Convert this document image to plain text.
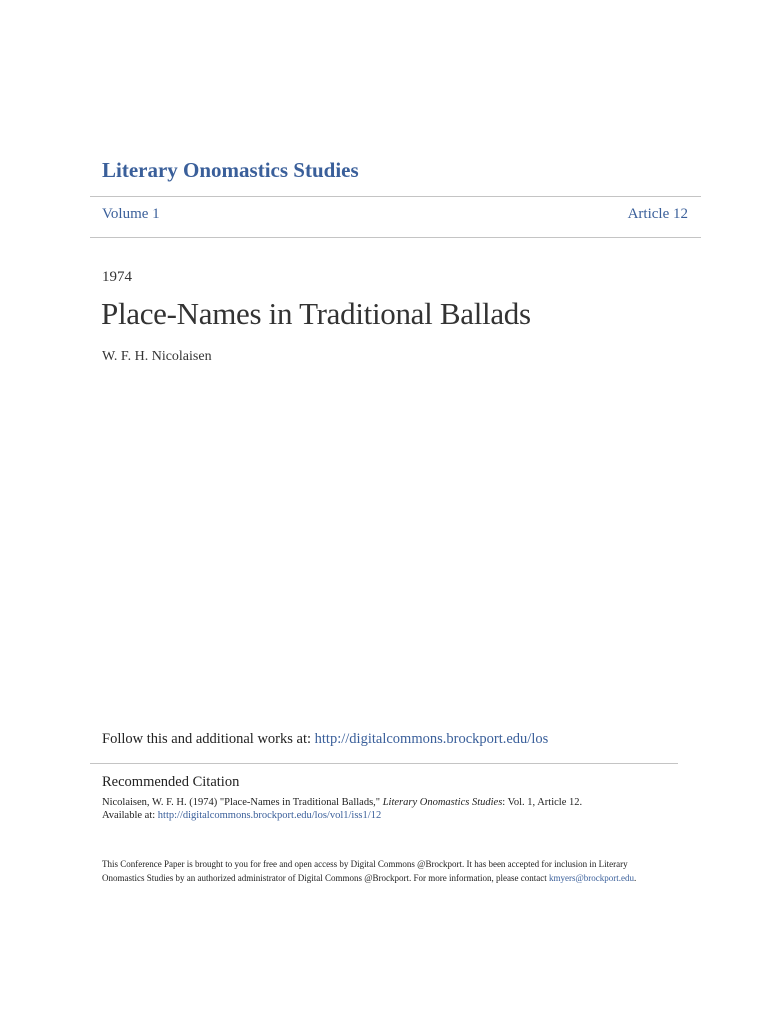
Literary Onomastics Studies
Volume 1	Article 12
1974
Place-Names in Traditional Ballads
W. F. H. Nicolaisen
Follow this and additional works at: http://digitalcommons.brockport.edu/los
Recommended Citation
Nicolaisen, W. F. H. (1974) "Place-Names in Traditional Ballads," Literary Onomastics Studies: Vol. 1, Article 12.
Available at: http://digitalcommons.brockport.edu/los/vol1/iss1/12
This Conference Paper is brought to you for free and open access by Digital Commons @Brockport. It has been accepted for inclusion in Literary
Onomastics Studies by an authorized administrator of Digital Commons @Brockport. For more information, please contact kmyers@brockport.edu.
